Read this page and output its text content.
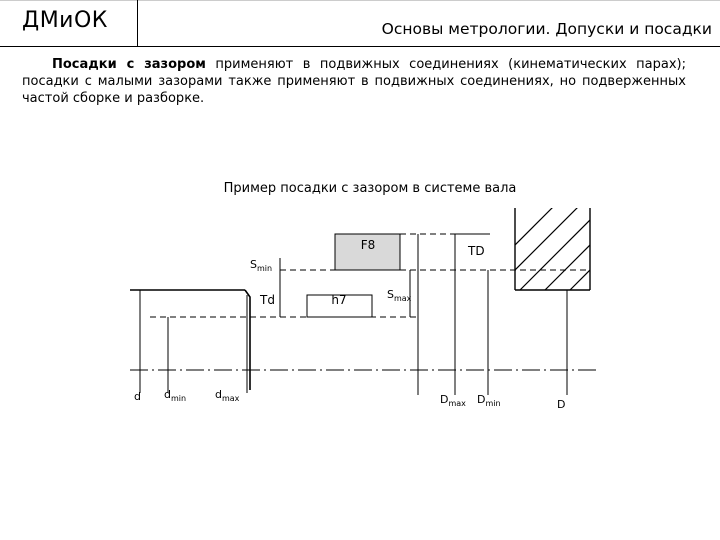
ДМиОК	Основы метрологии. Допуски и посадки
Посадки с зазором применяют в подвижных соединениях (кинематических парах); посадки с малыми зазорами также применяют в подвижных соединениях, но подверженных частой сборке и разборке.
Пример посадки с зазором в системе вала
F8
h7
$S_{min}$
$S_{max}$
TD
Td
d $d_{min}$	$d_{max}$	$D_{max}$ $D_{min}$	D
